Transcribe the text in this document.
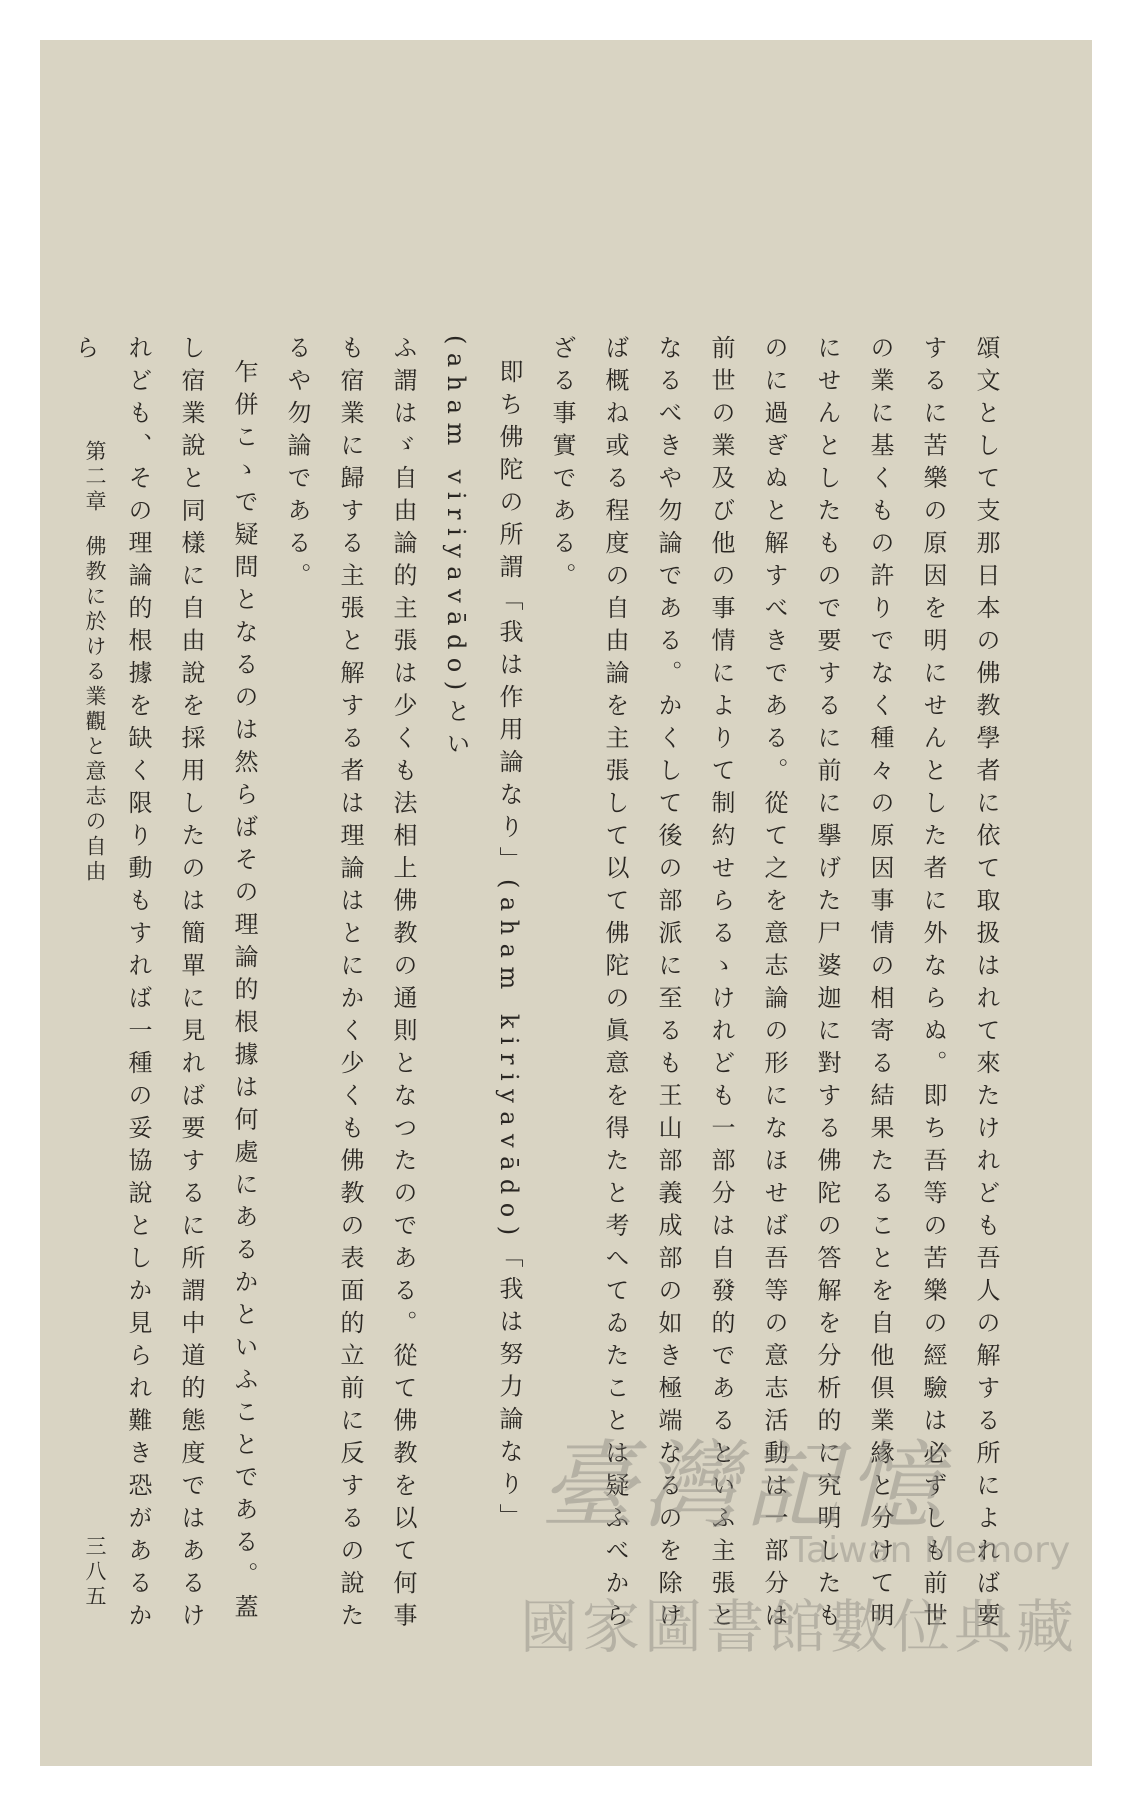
頌文として支那日本の佛教學者に依て取扱はれて來たけれども吾人の解する所によれば要

するに苦樂の原因を明にせんとした者に外ならぬ。即ち吾等の苦樂の經驗は必ずしも前世

の業に基くもの許りでなく種々の原因事情の相寄る結果たることを自他倶業緣と分けて明

にせんとしたもので要するに前に擧げた尸婆迦に對する佛陀の答解を分析的に究明したも

のに過ぎぬと解すべきである。從て之を意志論の形になほせば吾等の意志活動は一部分は

前世の業及び他の事情によりて制約せらるゝけれども一部分は自發的であるといふ主張と

なるべきや勿論である。かくして後の部派に至るも王山部義成部の如き極端なるのを除け

ば概ね或る程度の自由論を主張して以て佛陀の眞意を得たと考へてゐたことは疑ふべから

ざる事實である。

即ち佛陀の所謂「我は作用論なり」(aham kiriyavādo)「我は努力論なり」(aham viriyavādo)とい

ふ謂はゞ自由論的主張は少くも法相上佛教の通則となつたのである。從て佛教を以て何事

も宿業に歸する主張と解する者は理論はとにかく少くも佛教の表面的立前に反するの說た

るや勿論である。

乍併こゝで疑問となるのは然らばその理論的根據は何處にあるかといふことである。蓋

し宿業說と同樣に自由說を採用したのは簡單に見れば要するに所謂中道的態度ではあるけ

れども、その理論的根據を缺く限り動もすれば一種の妥協說としか見られ難き恐があるから

第二章佛教に於ける業觀と意志の自由
三八五
臺灣記憶
Taiwan Memory
國家圖書館數位典藏
